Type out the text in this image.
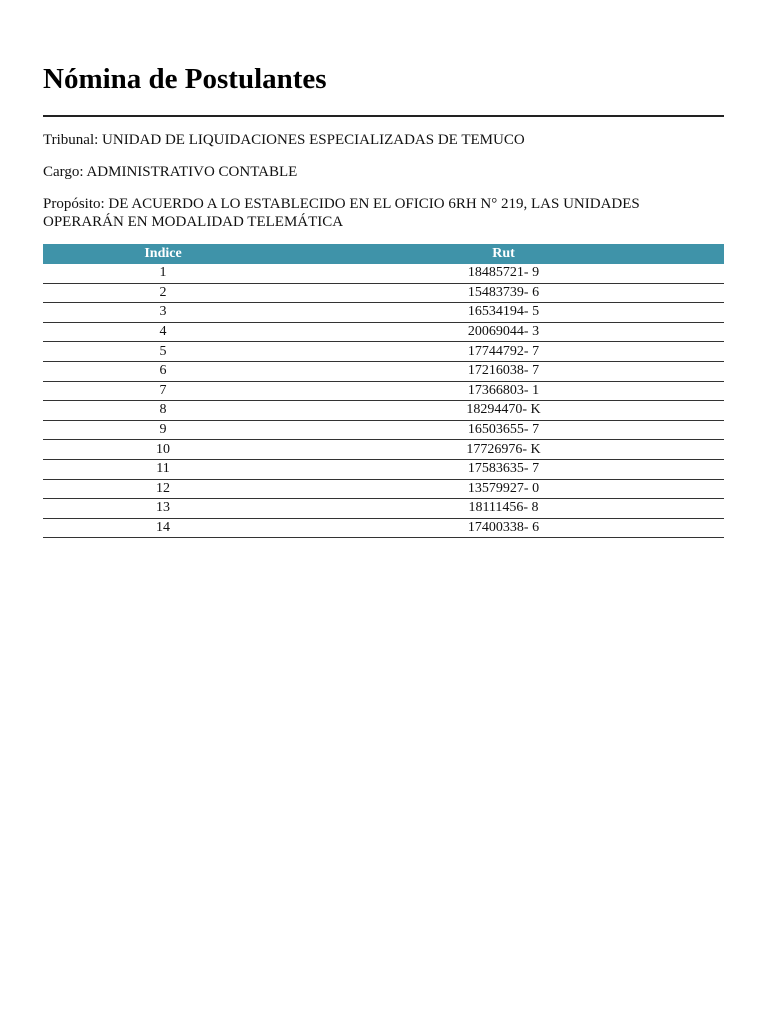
Nómina de Postulantes
Tribunal: UNIDAD DE LIQUIDACIONES ESPECIALIZADAS DE TEMUCO
Cargo: ADMINISTRATIVO CONTABLE
Propósito: DE ACUERDO A LO ESTABLECIDO EN EL OFICIO 6RH N° 219, LAS UNIDADES
OPERARÁN EN MODALIDAD TELEMÁTICA
Indice	Rut
1	18485721- 9
2	15483739- 6
3	16534194- 5
4	20069044- 3
5	17744792- 7
6	17216038- 7
7	17366803- 1
8	18294470- K
9	16503655- 7
10	17726976- K
11	17583635- 7
12	13579927- 0
13	18111456- 8
14	17400338- 6
